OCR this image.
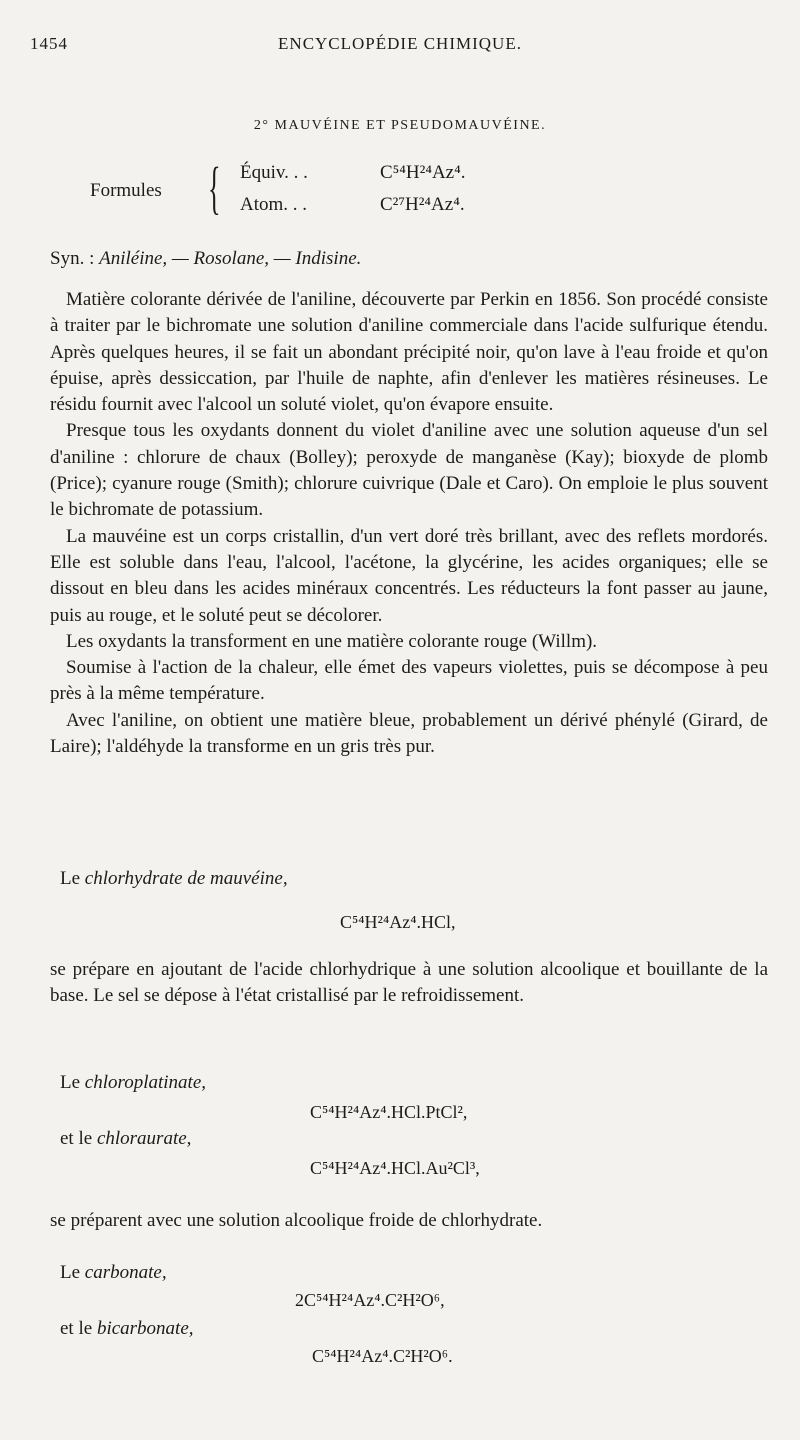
1454	ENCYCLOPÉDIE CHIMIQUE.
2° MAUVÉINE ET PSEUDOMAUVÉINE.
Formules { Équiv. . .	C⁵⁴H²⁴Az⁴.
Atom. . .	C²⁷H²⁴Az⁴.
Syn. : Aniléine, — Rosolane, — Indisine.

Matière colorante dérivée de l'aniline, découverte par Perkin en 1856. Son procédé consiste à traiter par le bichromate une solution d'aniline commerciale dans l'acide sulfurique étendu. Après quelques heures, il se fait un abondant précipité noir, qu'on lave à l'eau froide et qu'on épuise, après dessiccation, par l'huile de naphte, afin d'enlever les matières résineuses. Le résidu fournit avec l'alcool un soluté violet, qu'on évapore ensuite.

Presque tous les oxydants donnent du violet d'aniline avec une solution aqueuse d'un sel d'aniline : chlorure de chaux (Bolley); peroxyde de manganèse (Kay); bioxyde de plomb (Price); cyanure rouge (Smith); chlorure cuivrique (Dale et Caro). On emploie le plus souvent le bichromate de potassium.

La mauvéine est un corps cristallin, d'un vert doré très brillant, avec des reflets mordorés. Elle est soluble dans l'eau, l'alcool, l'acétone, la glycérine, les acides organiques; elle se dissout en bleu dans les acides minéraux concentrés. Les réducteurs la font passer au jaune, puis au rouge, et le soluté peut se décolorer.

Les oxydants la transforment en une matière colorante rouge (Willm).

Soumise à l'action de la chaleur, elle émet des vapeurs violettes, puis se décompose à peu près à la même température.

Avec l'aniline, on obtient une matière bleue, probablement un dérivé phénylé (Girard, de Laire); l'aldéhyde la transforme en un gris très pur.

Le chlorhydrate de mauvéine,
C⁵⁴H²⁴Az⁴.HCl,

se prépare en ajoutant de l'acide chlorhydrique à une solution alcoolique et bouillante de la base. Le sel se dépose à l'état cristallisé par le refroidissement.

Le chloroplatinate,
C⁵⁴H²⁴Az⁴.HCl.PtCl²,
et le chloraurate,
C⁵⁴H²⁴Az⁴.HCl.Au²Cl³,
se préparent avec une solution alcoolique froide de chlorhydrate.
Le carbonate,
2C⁵⁴H²⁴Az⁴.C²H²O⁶,
et le bicarbonate,
C⁵⁴H²⁴Az⁴.C²H²O⁶.
